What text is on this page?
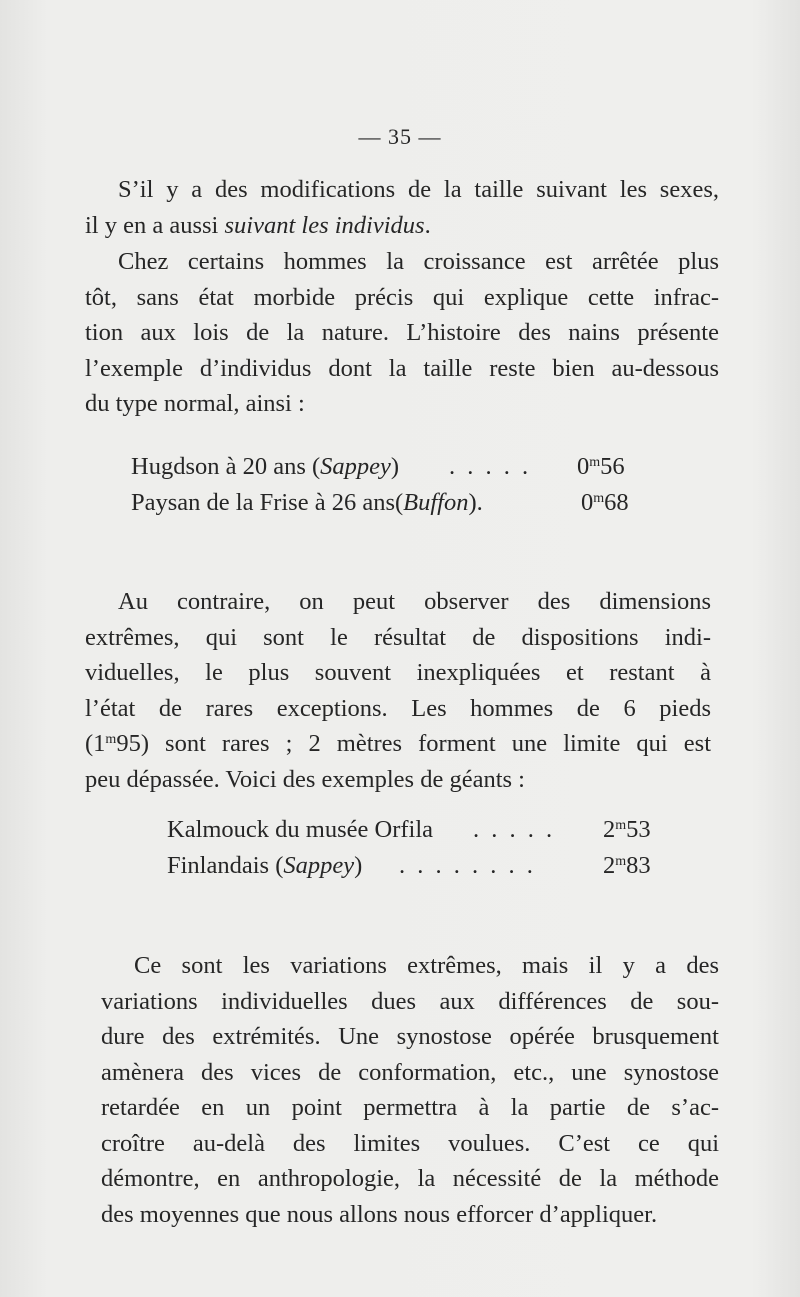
— 35 —

S’il y a des modifications de la taille suivant les sexes,
il y en a aussi suivant les individus.

Chez certains hommes la croissance est arrêtée plus
tôt, sans état morbide précis qui explique cette infrac-
tion aux lois de la nature. L’histoire des nains présente
l’exemple d’individus dont la taille reste bien au-dessous
du type normal, ainsi :

Hugdson à 20 ans (Sappey) . . . . . 0$^m$56
Paysan de la Frise à 26 ans(Buffon).	0$^m$68

Au contraire, on peut observer des dimensions
extrêmes, qui sont le résultat de dispositions indi-
viduelles, le plus souvent inexpliquées et restant à
l’état de rares exceptions. Les hommes de 6 pieds
(1$^m$95) sont rares ; 2 mètres forment une limite qui est
peu dépassée. Voici des exemples de géants :

Kalmouck du musée Orfila . . . . . 2$^m$53
Finlandais (Sappey) . . . . . . . .	2$^m$83

Ce sont les variations extrêmes, mais il y a des
variations individuelles dues aux différences de sou-
dure des extrémités. Une synostose opérée brusquement
amènera des vices de conformation, etc., une synostose
retardée en un point permettra à la partie de s’ac-
croître au-delà des limites voulues. C’est ce qui
démontre, en anthropologie, la nécessité de la méthode
des moyennes que nous allons nous efforcer d’appliquer.
